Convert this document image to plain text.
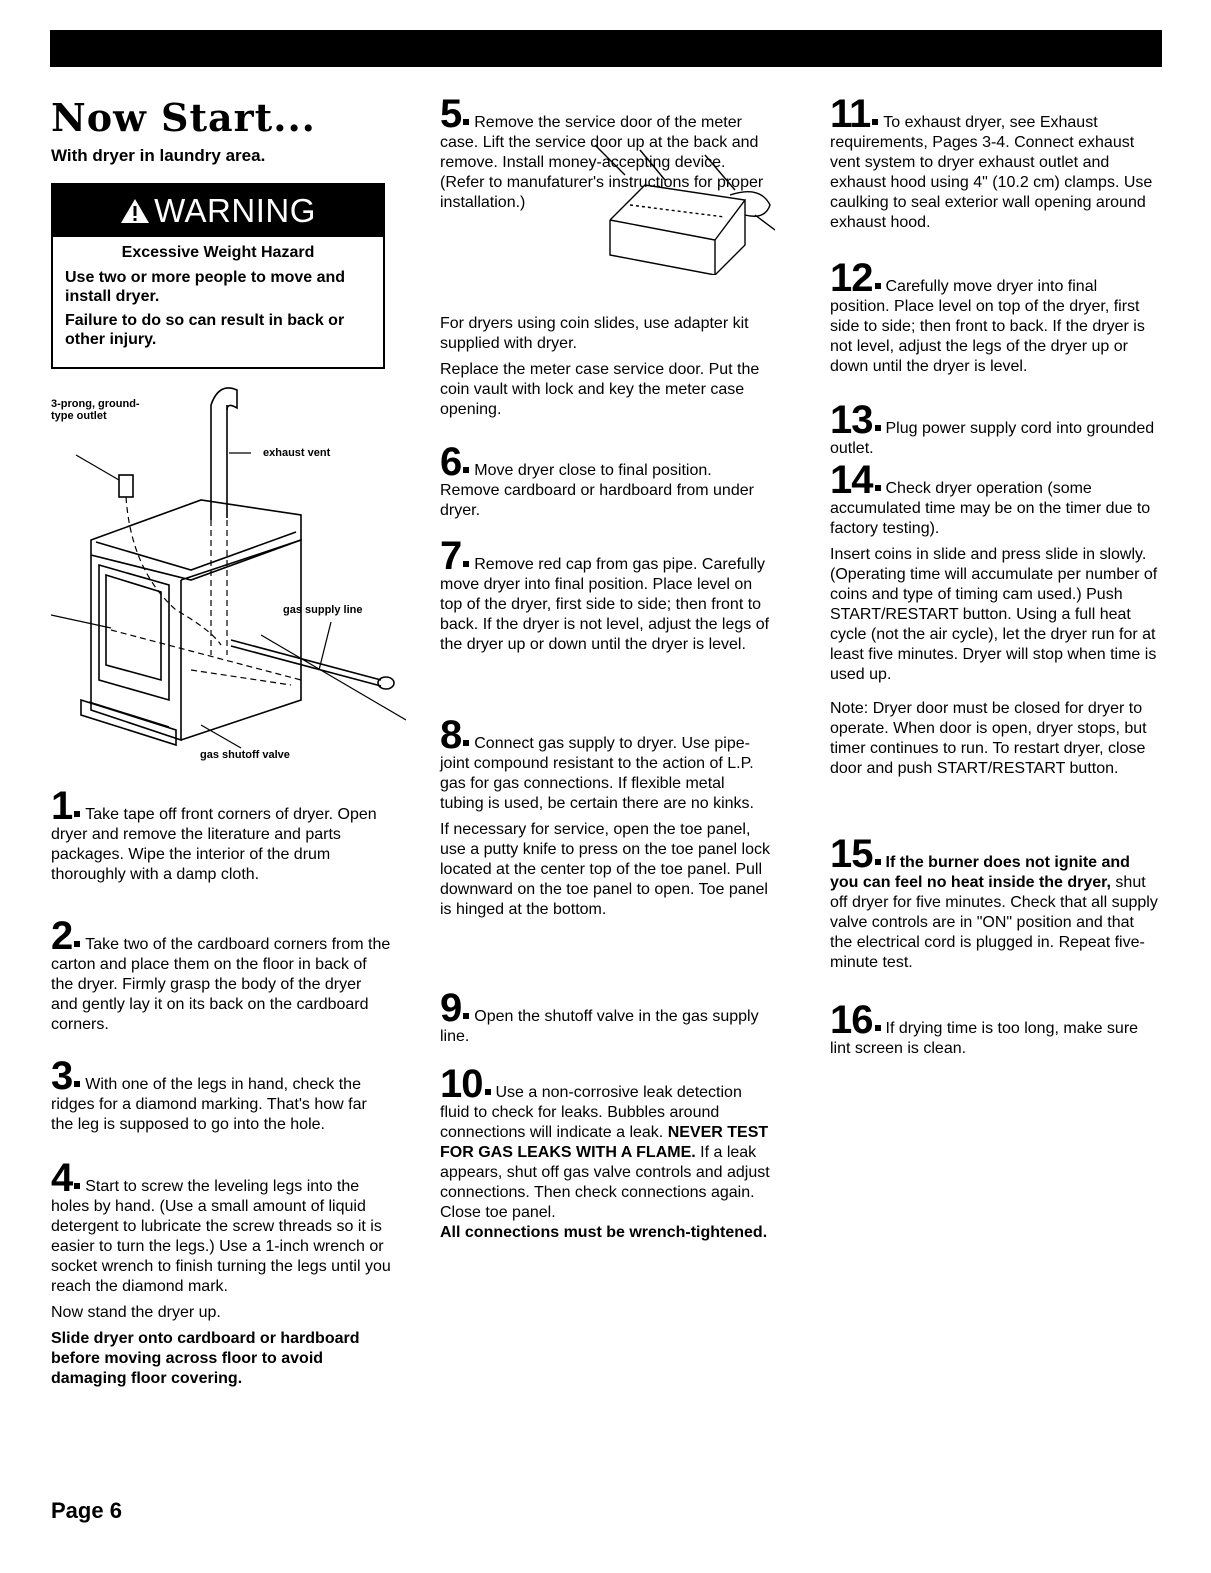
Now Start...

With dryer in laundry area.

WARNING

Excessive Weight Hazard

Use two or more people to move and install dryer.

Failure to do so can result in back or other injury.

3-prong, ground-type outlet
exhaust vent
gas supply line
gas shutoff valve
1 Take tape off front corners of dryer. Open dryer and remove the literature and parts packages. Wipe the interior of the drum thoroughly with a damp cloth.
2 Take two of the cardboard corners from the carton and place them on the floor in back of the dryer. Firmly grasp the body of the dryer and gently lay it on its back on the cardboard corners.
3 With one of the legs in hand, check the ridges for a diamond marking. That's how far the leg is supposed to go into the hole.
4 Start to screw the leveling legs into the holes by hand. (Use a small amount of liquid detergent to lubricate the screw threads so it is easier to turn the legs.) Use a 1-inch wrench or socket wrench to finish turning the legs until you reach the diamond mark.

Now stand the dryer up.

Slide dryer onto cardboard or hardboard before moving across floor to avoid damaging floor covering.

5 Remove the service door of the meter case. Lift the service door up at the back and remove. Install money-accepting device. (Refer to manufaturer's instructions for proper installation.)

For dryers using coin slides, use adapter kit supplied with dryer.

Replace the meter case service door. Put the coin vault with lock and key the meter case opening.

6 Move dryer close to final position. Remove cardboard or hardboard from under dryer.
7 Remove red cap from gas pipe. Carefully move dryer into final position. Place level on top of the dryer, first side to side; then front to back. If the dryer is not level, adjust the legs of the dryer up or down until the dryer is level.
8 Connect gas supply to dryer. Use pipe-joint compound resistant to the action of L.P. gas for gas connections. If flexible metal tubing is used, be certain there are no kinks.

If necessary for service, open the toe panel, use a putty knife to press on the toe panel lock located at the center top of the toe panel. Pull downward on the toe panel to open. Toe panel is hinged at the bottom.

9 Open the shutoff valve in the gas supply line.
10 Use a non-corrosive leak detection fluid to check for leaks. Bubbles around connections will indicate a leak. NEVER TEST FOR GAS LEAKS WITH A FLAME. If a leak appears, shut off gas valve controls and adjust connections. Then check connections again. Close toe panel.

All connections must be wrench-tightened.

11 To exhaust dryer, see Exhaust requirements, Pages 3-4. Connect exhaust vent system to dryer exhaust outlet and exhaust hood using 4" (10.2 cm) clamps. Use caulking to seal exterior wall opening around exhaust hood.
12 Carefully move dryer into final position. Place level on top of the dryer, first side to side; then front to back. If the dryer is not level, adjust the legs of the dryer up or down until the dryer is level.
13 Plug power supply cord into grounded outlet.
14 Check dryer operation (some accumulated time may be on the timer due to factory testing).

Insert coins in slide and press slide in slowly. (Operating time will accumulate per number of coins and type of timing cam used.) Push START/RESTART button. Using a full heat cycle (not the air cycle), let the dryer run for at least five minutes. Dryer will stop when time is used up.

Note: Dryer door must be closed for dryer to operate. When door is open, dryer stops, but timer continues to run. To restart dryer, close door and push START/RESTART button.

15 If the burner does not ignite and you can feel no heat inside the dryer, shut off dryer for five minutes. Check that all supply valve controls are in "ON" position and that the electrical cord is plugged in. Repeat five-minute test.
16 If drying time is too long, make sure lint screen is clean.

Page 6
